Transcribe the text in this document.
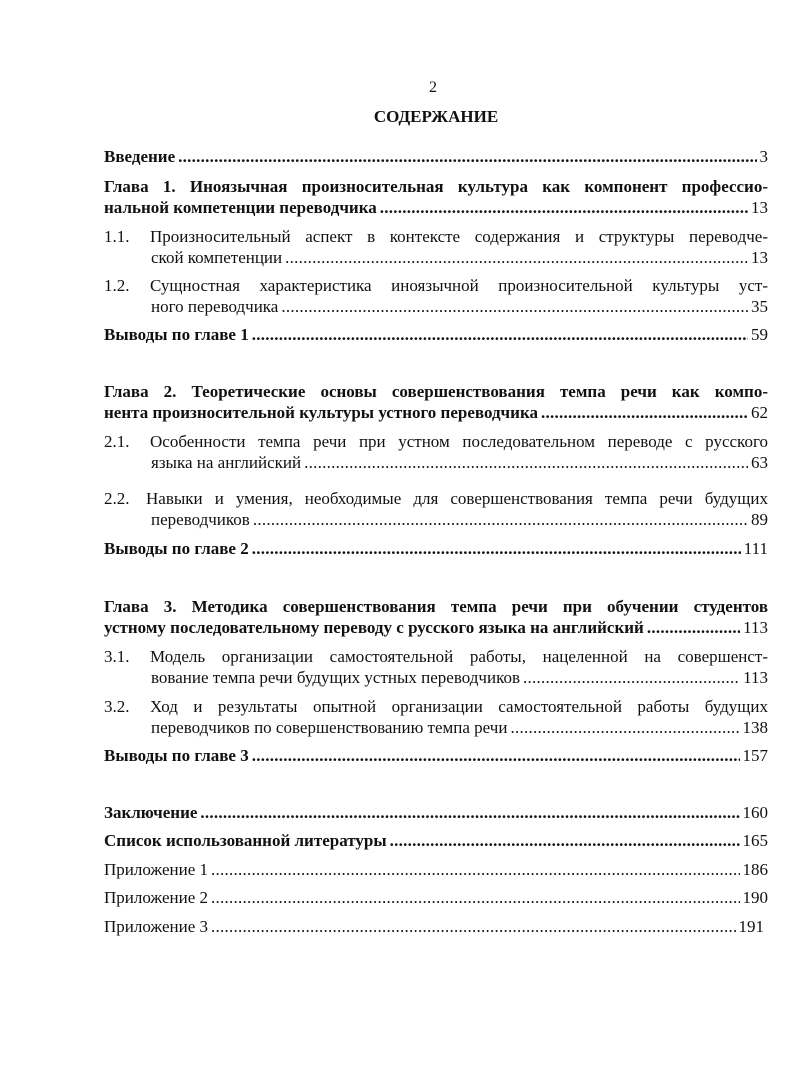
2
СОДЕРЖАНИЕ
Введение . . .	3
Глава 1. Иноязычная произносительная культура как компонент профессио-
нальной компетенции переводчика . . .	13
1.1.	Произносительный аспект в контексте содержания и структуры переводче-
ской компетенции . . .	13
1.2.	Сущностная характеристика иноязычной произносительной культуры уст-
ного переводчика . . .	35
Выводы по главе 1 . . .	59
Глава 2. Теоретические основы совершенствования темпа речи как компо-
нента произносительной культуры устного переводчика . . .	62
2.1.	Особенности темпа речи при устном последовательном переводе с русского
языка на английский . . .	63
2.2. Навыки и умения, необходимые для совершенствования темпа речи будущих
переводчиков . . .	89
Выводы по главе 2 . . .	111
Глава 3. Методика совершенствования темпа речи при обучении студентов
устному последовательному переводу с русского языка на английский . . .	113
3.1.	Модель организации самостоятельной работы, нацеленной на совершенст-
вование темпа речи будущих устных переводчиков . . .	113
3.2.	Ход и результаты опытной организации самостоятельной работы будущих
переводчиков по совершенствованию темпа речи . . .	138
Выводы по главе 3 . . .	157
Заключение . . .	160
Список использованной литературы . . .	165
Приложение 1 . . .	186
Приложение 2 . . .	190
Приложение 3 . . .	191
